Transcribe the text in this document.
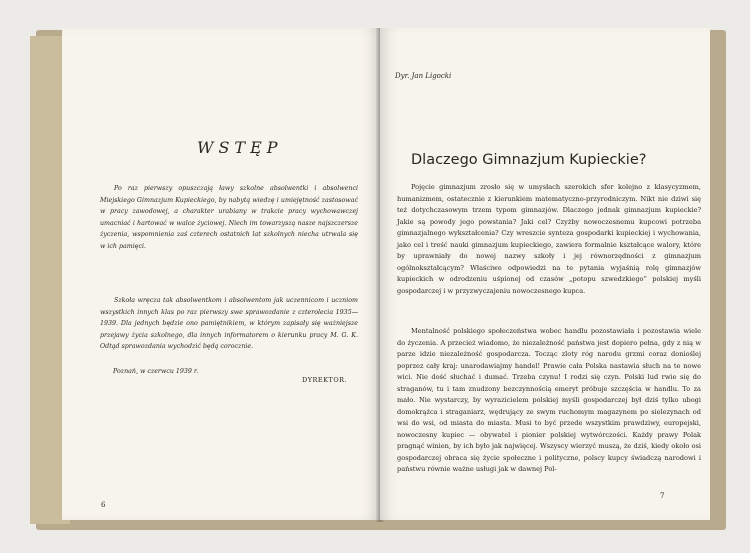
WSTĘP
Po raz pierwszy opuszczają ławy szkolne absolwentki i absolwenci Miejskiego Gimnazjum Kupieckiego, by nabytą wiedzę i umiejętność zastosować w pracy zawodowej, a charakter urabiany w trakcie pracy wychowawczej umacniać i hartować w walce życiowej. Niech im towarzyszą nasze najszczersze życzenia, wspomnienia zaś czterech ostatnich lat szkolnych niecha utrwala się w ich pamięci.
Szkoła wręcza tak absolwentkom i absolwentom jak uczennicom i uczniom wszystkich innych klas po raz pierwszy swe sprawozdanie z czterolecia 1935—1939. Dla jednych będzie ono pamiętnikiem, w którym zapisały się ważniejsze przejawy życia szkolnego, dla innych informatorem o kierunku pracy M. G. K. Odtąd sprawozdania wychodzić będą corocznie.
Poznań, w czerwcu 1939 r.
DYREKTOR.
6
Dyr. Jan Ligocki
Dlaczego Gimnazjum Kupieckie?
Pojęcie gimnazjum zrosło się w umysłach szerokich sfer kolejno z klasycyzmem, humanizmem, ostatecznie z kierunkiem matematyczno-przyrodniczym. Nikt nie dziwi się też dotychczasowym trzem typom gimnazjów. Dlaczego jednak gimnazjum kupieckie? Jakie są powody jego powstania? Jaki cel? Czyżby nowoczesnemu kupcowi potrzeba gimnazjalnego wykształcenia? Czy wreszcie synteza gospodarki kupieckiej i wychowania, jako cel i treść nauki gimnazjum kupieckiego, zawiera formalnie kształcące walory, które by uprawniały do nowej nazwy szkoły i jej równorzędności z gimnazjum ogólnokształcącym? Właściwe odpowiedzi na te pytania wyjaśnią rolę gimnazjów kupieckich w odrodzeniu uśpionej od czasów „potopu szwedzkiego” polskiej myśli gospodarczej i w przyzwyczajeniu nowoczesnego kupca.
Mentalność polskiego społeczeństwa wobec handlu pozostawiała i pozostawia wiele do życzenia. A przecież wiadomo, że niezależność państwa jest dopiero pełna, gdy z nią w parze idzie niezależność gospodarcza. Tocząc zloty róg narodu grzmi coraz donioślej poprzez cały kraj: unarodawiajmy handel! Prawie cała Polska nastawia słuch na te nowe wici. Nie dość słuchać i dumać. Trzeba czynu! I rodzi się czyn. Polski lud rwie się do straganów, tu i tam znudzony bezczynnością emeryt próbuje szczęścia w handlu. To za mało. Nie wystarczy, by wyrazicielem polskiej myśli gospodarczej był dziś tylko ubogi domokrążca i straganiarz, wędrujący ze swym ruchomym magazynem po sielezynach od wsi do wsi, od miasta do miasta. Musi to być przede wszystkim prawdziwy, europejski, nowoczesny kupiec — obywatel i pionier polskiej wytwórczości. Każdy prawy Polak pragnąć winien, by ich było jak najwięcej. Wszyscy wierzyć muszą, że dziś, kiedy około osi gospodarczej obraca się życie społeczne i polityczne, polscy kupcy świadczą narodowi i państwu równie ważne usługi jak w dawnej Pol-
7
